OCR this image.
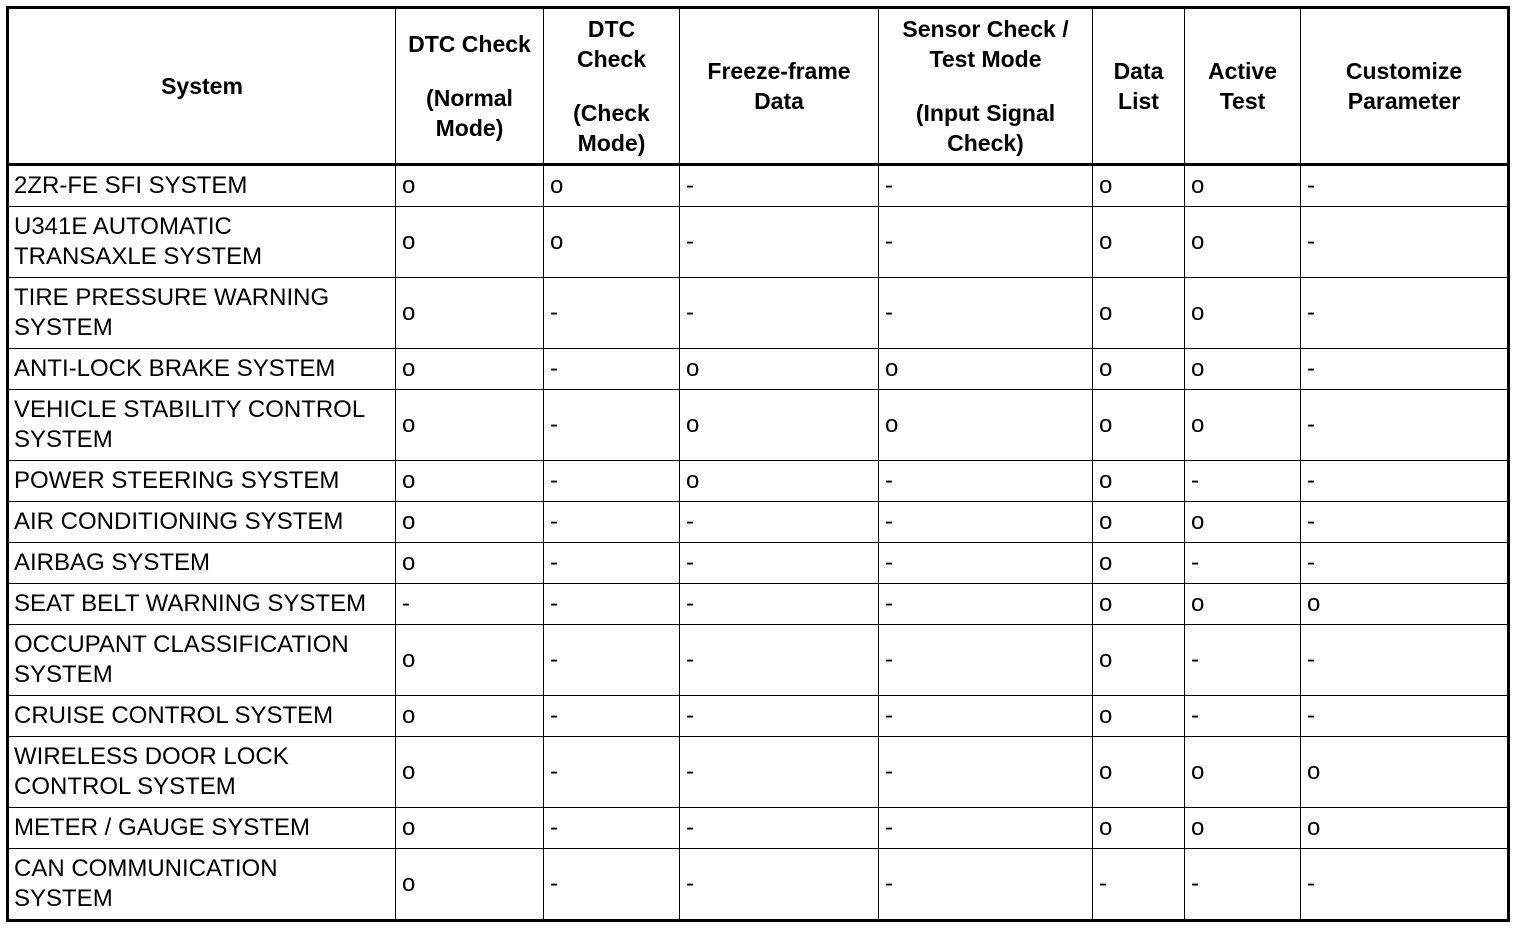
System	DTC Check
(Normal
Mode)	DTC
Check
(Check
Mode)	Freeze-frame
Data	Sensor Check /
Test Mode
(Input Signal
Check)	Data
List	Active
Test	Customize
Parameter

2ZR-FE SFI SYSTEM	o	o	-	-	o	o	-

U341E AUTOMATIC
TRANSAXLE SYSTEM	o	o	-	-	o	o	-

TIRE PRESSURE WARNING
SYSTEM	o	-	-	-	o	o	-

ANTI-LOCK BRAKE SYSTEM	o	-	o	o	o	o	-

VEHICLE STABILITY CONTROL
SYSTEM	o	-	o	o	o	o	-

POWER STEERING SYSTEM	o	-	o	-	o	-	-

AIR CONDITIONING SYSTEM	o	-	-	-	o	o	-

AIRBAG SYSTEM	o	-	-	-	o	-	-

SEAT BELT WARNING SYSTEM	-	-	-	-	o	o	o

OCCUPANT CLASSIFICATION
SYSTEM	o	-	-	-	o	-	-

CRUISE CONTROL SYSTEM	o	-	-	-	o	-	-

WIRELESS DOOR LOCK
CONTROL SYSTEM	o	-	-	-	o	o	o

METER / GAUGE SYSTEM	o	-	-	-	o	o	o

CAN COMMUNICATION
SYSTEM	o	-	-	-	-	-	-
